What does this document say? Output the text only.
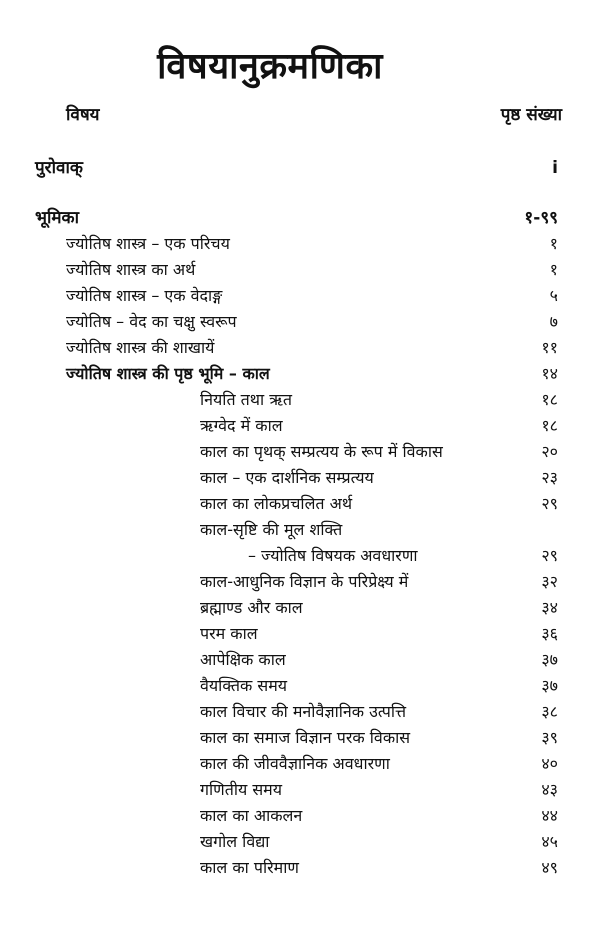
विषयानुक्रमणिका
विषय	पृष्ठ संख्या
पुरोवाक्	i
भूमिका	१-९९
ज्योतिष शास्त्र – एक परिचय	१
ज्योतिष शास्त्र का अर्थ	१
ज्योतिष शास्त्र – एक वेदाङ्ग	५
ज्योतिष – वेद का चक्षु स्वरूप	७
ज्योतिष शास्त्र की शाखायें	११
ज्योतिष शास्त्र की पृष्ठ भूमि – काल	१४
नियति तथा ऋत	१८
ऋग्वेद में काल	१८
काल का पृथक् सम्प्रत्यय के रूप में विकास	२०
काल – एक दार्शनिक सम्प्रत्यय	२३
काल का लोकप्रचलित अर्थ	२९
काल-सृष्टि की मूल शक्ति
– ज्योतिष विषयक अवधारणा	२९
काल-आधुनिक विज्ञान के परिप्रेक्ष्य में	३२
ब्रह्माण्ड और काल	३४
परम काल	३६
आपेक्षिक काल	३७
वैयक्तिक समय	३७
काल विचार की मनोवैज्ञानिक उत्पत्ति	३८
काल का समाज विज्ञान परक विकास	३९
काल की जीववैज्ञानिक अवधारणा	४०
गणितीय समय	४३
काल का आकलन	४४
खगोल विद्या	४५
काल का परिमाण	४९
